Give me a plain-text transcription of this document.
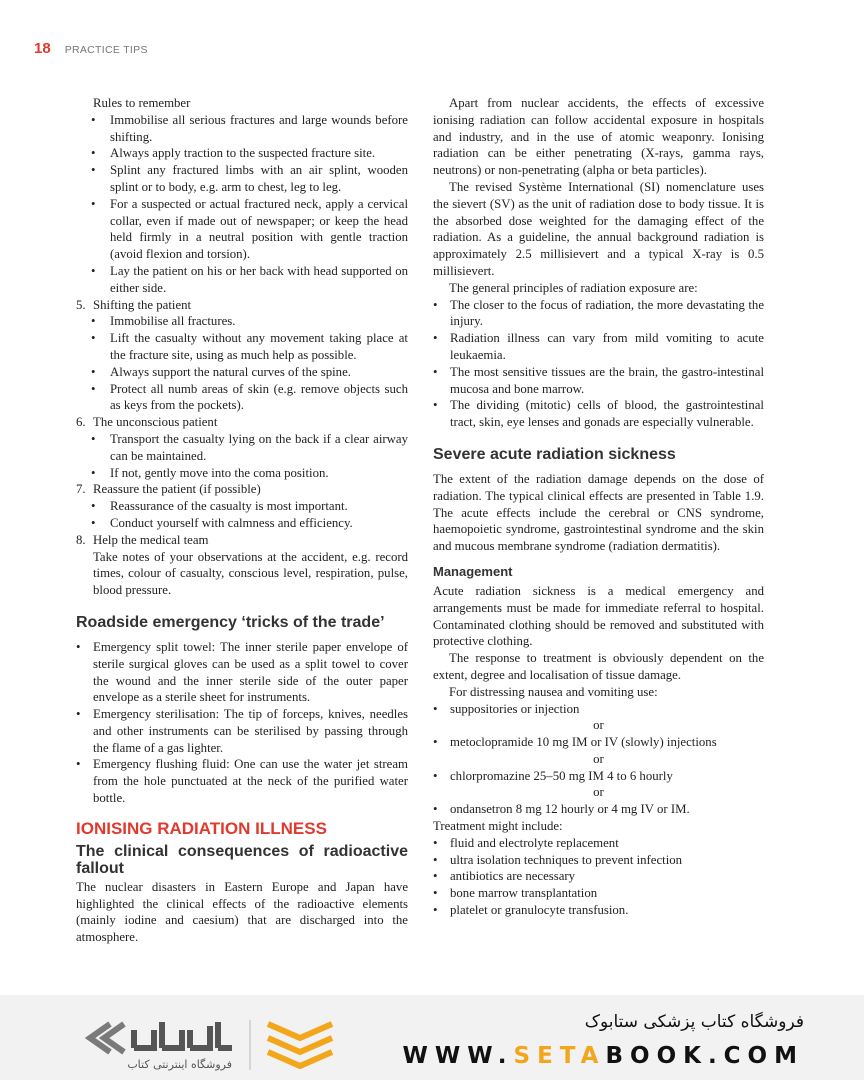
18 PRACTICE TIPS

Rules to remember

• Immobilise all serious fractures and large wounds before shifting.
• Always apply traction to the suspected fracture site.
• Splint any fractured limbs with an air splint, wooden splint or to body, e.g. arm to chest, leg to leg.
• For a suspected or actual fractured neck, apply a cervical collar, even if made out of newspaper; or keep the head held firmly in a neutral position with gentle traction (avoid flexion and torsion).
• Lay the patient on his or her back with head supported on either side.
5. Shifting the patient
• Immobilise all fractures.
• Lift the casualty without any movement taking place at the fracture site, using as much help as possible.
• Always support the natural curves of the spine.
• Protect all numb areas of skin (e.g. remove objects such as keys from the pockets).
6. The unconscious patient
• Transport the casualty lying on the back if a clear airway can be maintained.
• If not, gently move into the coma position.
7. Reassure the patient (if possible)
• Reassurance of the casualty is most important.
• Conduct yourself with calmness and efficiency.
8. Help the medical team

Take notes of your observations at the accident, e.g. record times, colour of casualty, conscious level, respiration, pulse, blood pressure.

Roadside emergency ‘tricks of the trade’
• Emergency split towel: The inner sterile paper envelope of sterile surgical gloves can be used as a split towel to cover the wound and the inner sterile side of the outer paper envelope as a sterile sheet for instruments.
• Emergency sterilisation: The tip of forceps, knives, needles and other instruments can be sterilised by passing through the flame of a gas lighter.
• Emergency flushing fluid: One can use the water jet stream from the hole punctuated at the neck of the purified water bottle.
IONISING RADIATION ILLNESS
The clinical consequences of radioactive fallout

The nuclear disasters in Eastern Europe and Japan have highlighted the clinical effects of the radioactive elements (mainly iodine and caesium) that are discharged into the atmosphere.

Apart from nuclear accidents, the effects of excessive ionising radiation can follow accidental exposure in hospitals and industry, and in the use of atomic weaponry. Ionising radiation can be either penetrating (X-rays, gamma rays, neutrons) or non-penetrating (alpha or beta particles).

The revised Système International (SI) nomenclature uses the sievert (SV) as the unit of radiation dose to body tissue. It is the absorbed dose weighted for the damaging effect of the radiation. As a guideline, the annual background radiation is approximately 2.5 millisievert and a typical X-ray is 0.5 millisievert.

The general principles of radiation exposure are:

• The closer to the focus of radiation, the more devastating the injury.
• Radiation illness can vary from mild vomiting to acute leukaemia.
• The most sensitive tissues are the brain, the gastro-intestinal mucosa and bone marrow.
• The dividing (mitotic) cells of blood, the gastrointestinal tract, skin, eye lenses and gonads are especially vulnerable.
Severe acute radiation sickness

The extent of the radiation damage depends on the dose of radiation. The typical clinical effects are presented in Table 1.9. The acute effects include the cerebral or CNS syndrome, haemopoietic syndrome, gastrointestinal syndrome and the skin and mucous membrane syndrome (radiation dermatitis).

Management

Acute radiation sickness is a medical emergency and arrangements must be made for immediate referral to hospital. Contaminated clothing should be removed and substituted with protective clothing.

The response to treatment is obviously dependent on the extent, degree and localisation of tissue damage.

For distressing nausea and vomiting use:

• suppositories or injection

or

• metoclopramide 10 mg IM or IV (slowly) injections

or

• chlorpromazine 25–50 mg IM 4 to 6 hourly

or

• ondansetron 8 mg 12 hourly or 4 mg IV or IM.

Treatment might include:

• fluid and electrolyte replacement
• ultra isolation techniques to prevent infection
• antibiotics are necessary
• bone marrow transplantation
• platelet or granulocyte transfusion.
فروشگاه اینترنتی کتاب
فروشگاه کتاب پزشکی ستابوک
WWW.SETABOOK.COM
